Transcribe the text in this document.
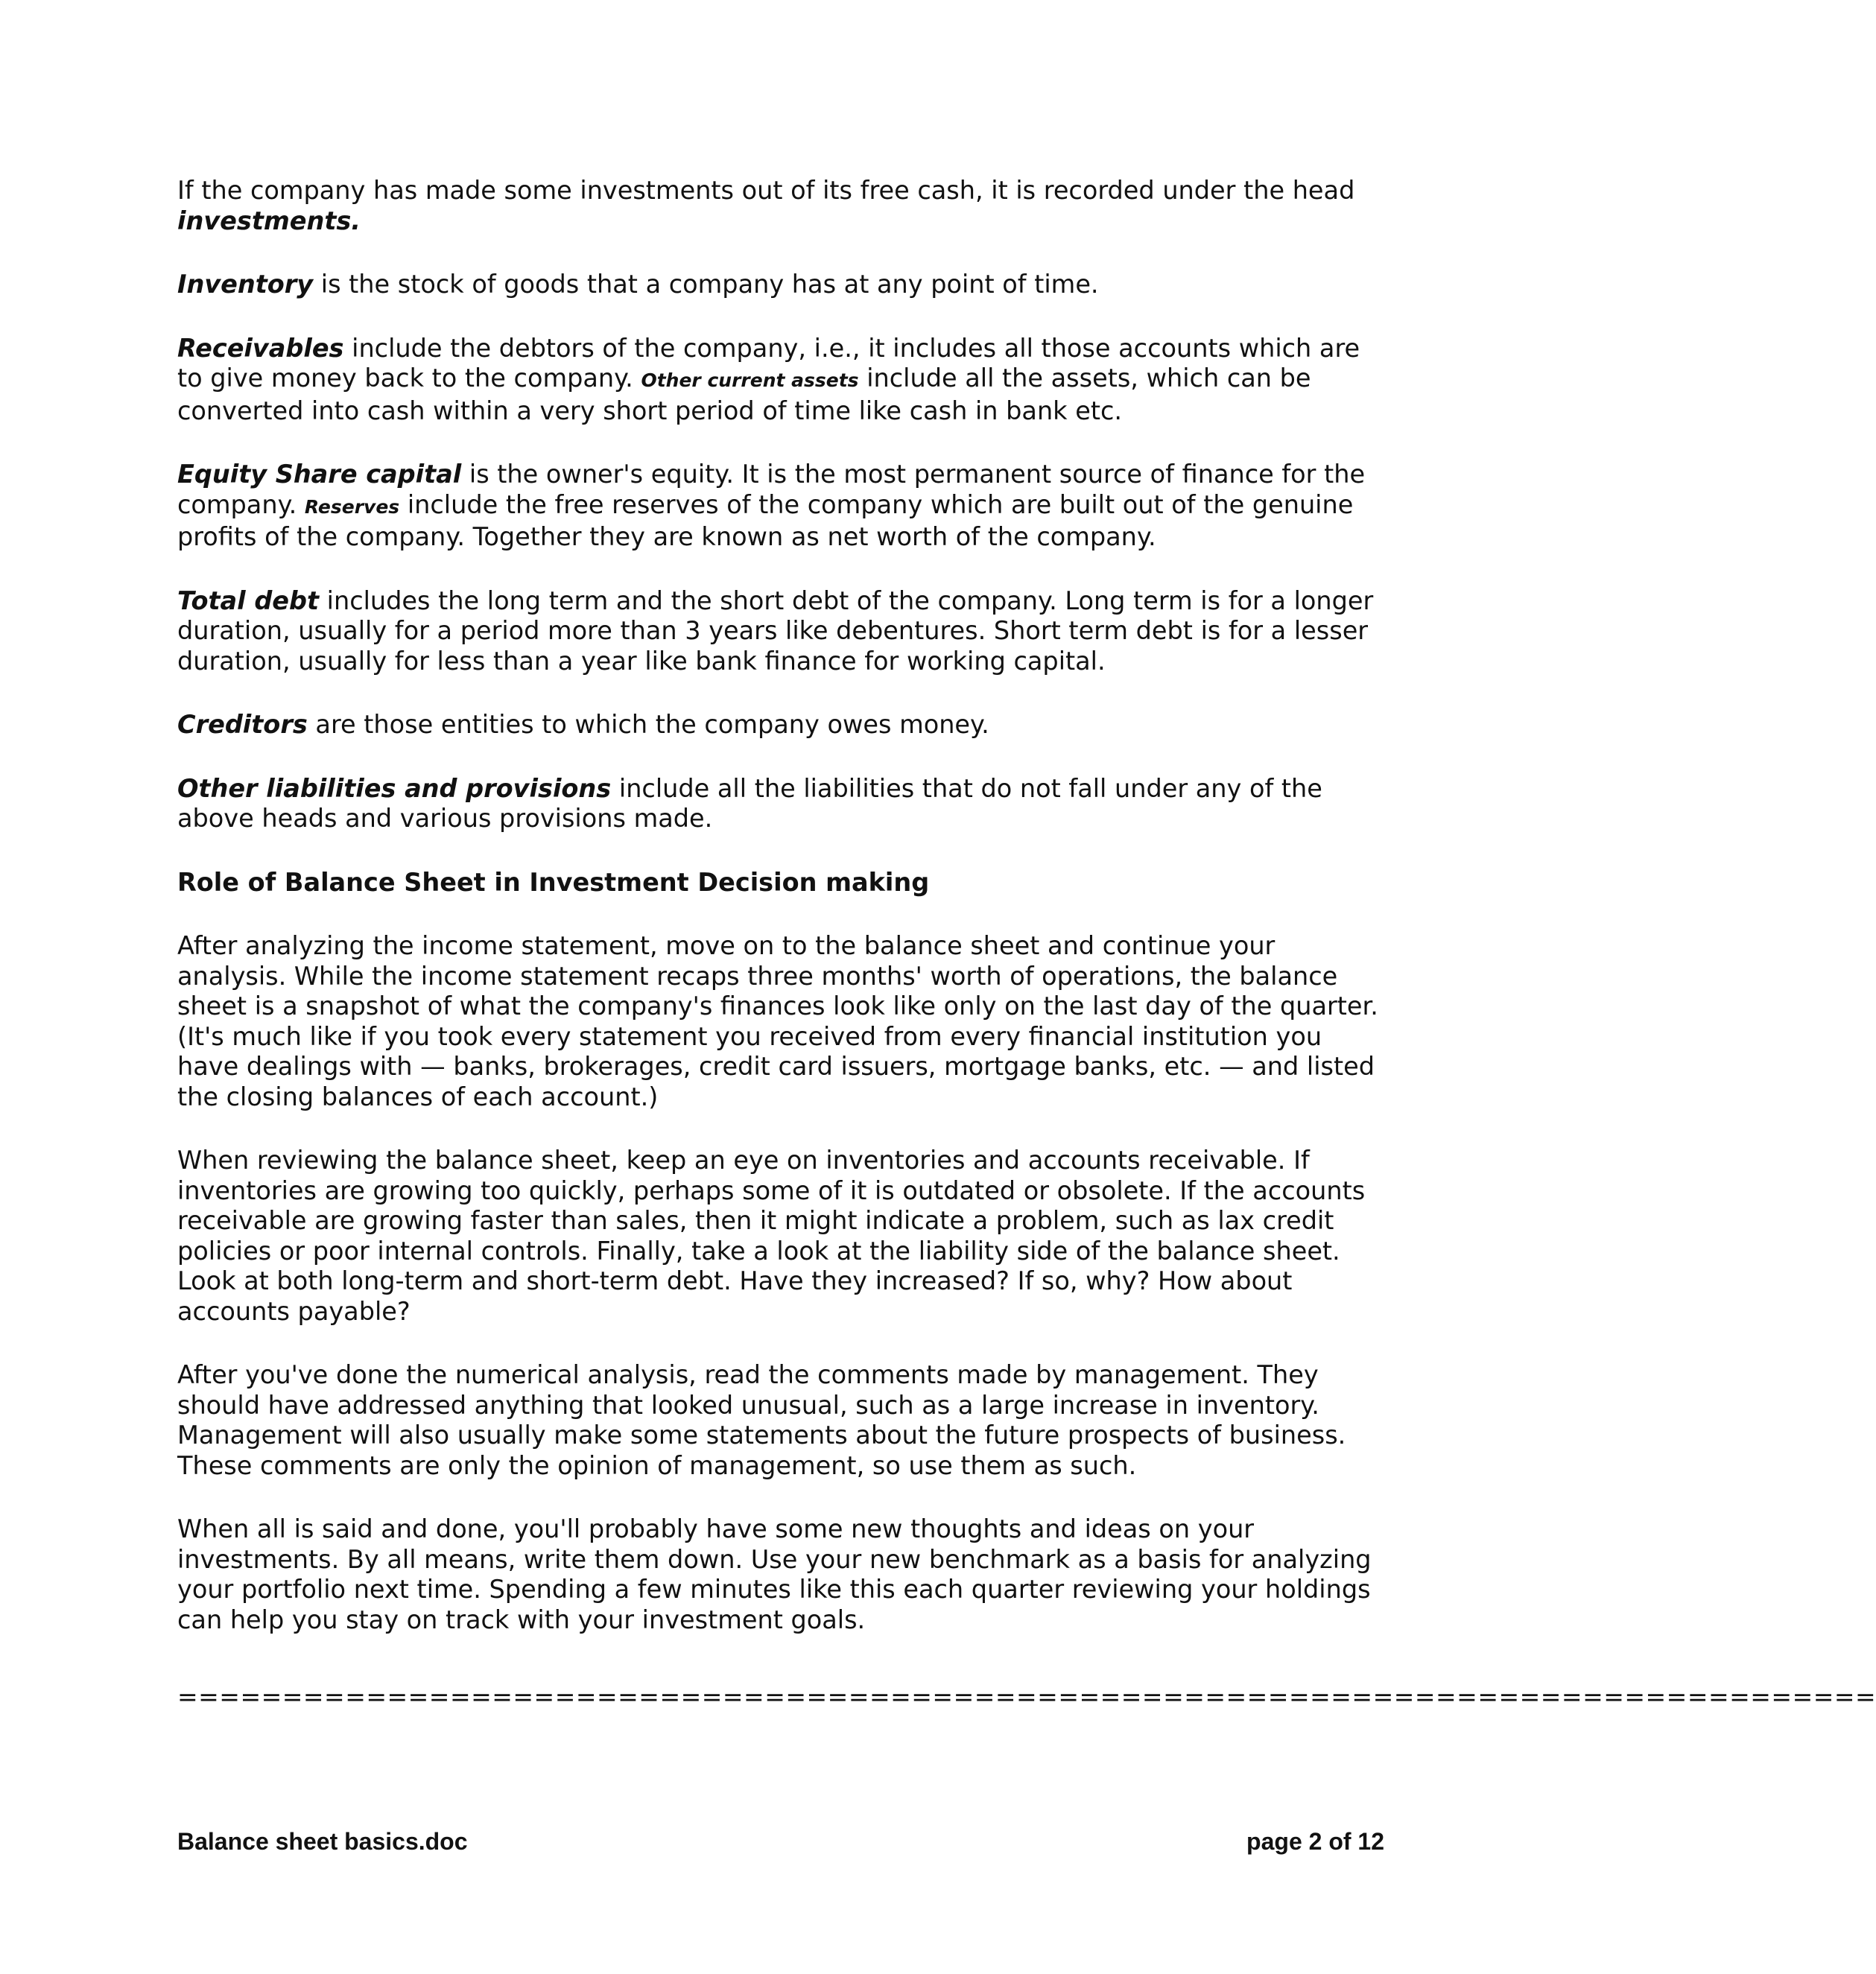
If the company has made some investments out of its free cash, it is recorded under the head
investments.

Inventory is the stock of goods that a company has at any point of time.

Receivables include the debtors of the company, i.e., it includes all those accounts which are to give money back to the company. Other current assets include all the assets, which can be converted into cash within a very short period of time like cash in bank etc.

Equity Share capital is the owner's equity. It is the most permanent source of finance for the company. Reserves include the free reserves of the company which are built out of the genuine profits of the company. Together they are known as net worth of the company.

Total debt includes the long term and the short debt of the company. Long term is for a longer duration, usually for a period more than 3 years like debentures. Short term debt is for a lesser duration, usually for less than a year like bank finance for working capital.

Creditors are those entities to which the company owes money.

Other liabilities and provisions include all the liabilities that do not fall under any of the above heads and various provisions made.

Role of Balance Sheet in Investment Decision making

After analyzing the income statement, move on to the balance sheet and continue your analysis. While the income statement recaps three months' worth of operations, the balance sheet is a snapshot of what the company's finances look like only on the last day of the quarter. (It's much like if you took every statement you received from every financial institution you have dealings with — banks, brokerages, credit card issuers, mortgage banks, etc. — and listed the closing balances of each account.)

When reviewing the balance sheet, keep an eye on inventories and accounts receivable. If inventories are growing too quickly, perhaps some of it is outdated or obsolete. If the accounts receivable are growing faster than sales, then it might indicate a problem, such as lax credit policies or poor internal controls. Finally, take a look at the liability side of the balance sheet. Look at both long-term and short-term debt. Have they increased? If so, why? How about accounts payable?

After you've done the numerical analysis, read the comments made by management. They should have addressed anything that looked unusual, such as a large increase in inventory. Management will also usually make some statements about the future prospects of business. These comments are only the opinion of management, so use them as such.

When all is said and done, you'll probably have some new thoughts and ideas on your investments. By all means, write them down. Use your new benchmark as a basis for analyzing your portfolio next time. Spending a few minutes like this each quarter reviewing your holdings can help you stay on track with your investment goals.

=================================================================================
Balance sheet basics.doc	page 2 of 12
